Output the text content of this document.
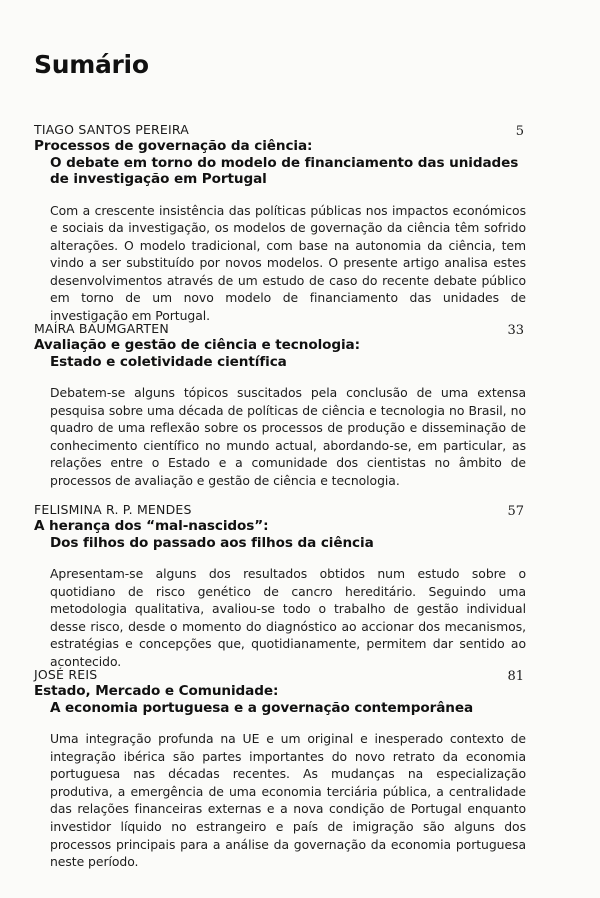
Sumário
TIAGO SANTOS PEREIRA	5
Processos de governação da ciência:
O debate em torno do modelo de financiamento das unidades
de investigação em Portugal

Com a crescente insistência das políticas públicas nos impactos económicos e sociais da investigação, os modelos de governação da ciência têm sofrido alterações. O modelo tradicional, com base na autonomia da ciência, tem vindo a ser substituído por novos modelos. O presente artigo analisa estes desenvolvimentos através de um estudo de caso do recente debate público em torno de um novo modelo de financiamento das unidades de investigação em Portugal.

MAÍRA BAUMGARTEN	33
Avaliação e gestão de ciência e tecnologia:
Estado e coletividade científica

Debatem-se alguns tópicos suscitados pela conclusão de uma extensa pesquisa sobre uma década de políticas de ciência e tecnologia no Brasil, no quadro de uma reflexão sobre os processos de produção e disseminação de conhecimento científico no mundo actual, abordando-se, em particular, as relações entre o Estado e a comunidade dos cientistas no âmbito de processos de avaliação e gestão de ciência e tecnologia.

FELISMINA R. P. MENDES	57
A herança dos “mal-nascidos”:
Dos filhos do passado aos filhos da ciência

Apresentam-se alguns dos resultados obtidos num estudo sobre o quotidiano de risco genético de cancro hereditário. Seguindo uma metodologia qualitativa, avaliou-se todo o trabalho de gestão individual desse risco, desde o momento do diagnóstico ao accionar dos mecanismos, estratégias e concepções que, quotidianamente, permitem dar sentido ao acontecido.

JOSÉ REIS	81
Estado, Mercado e Comunidade:
A economia portuguesa e a governação contemporânea

Uma integração profunda na UE e um original e inesperado contexto de integração ibérica são partes importantes do novo retrato da economia portuguesa nas décadas recentes. As mudanças na especialização produtiva, a emergência de uma economia terciária pública, a centralidade das relações financeiras externas e a nova condição de Portugal enquanto investidor líquido no estrangeiro e país de imigração são alguns dos processos principais para a análise da governação da economia portuguesa neste período.
